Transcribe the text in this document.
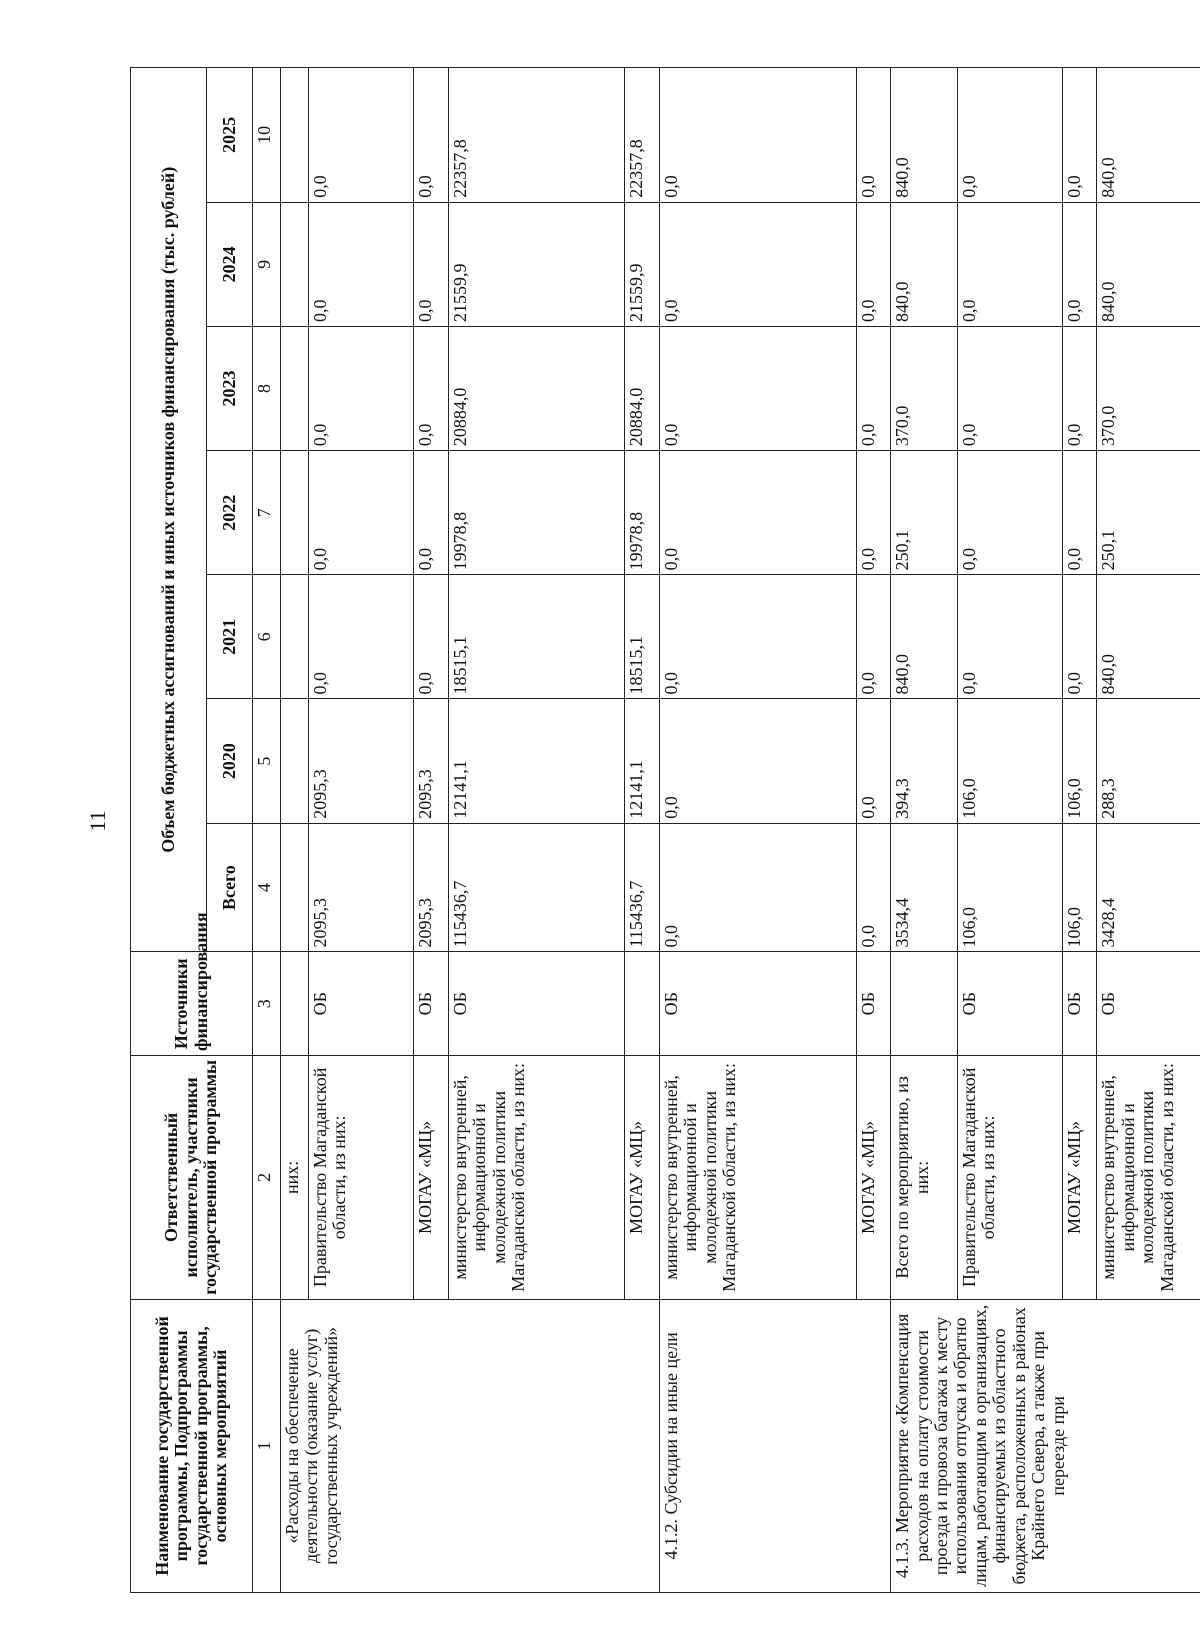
11
Наименование государственной программы, Подпрограммы государственной программы, основных мероприятий	Ответственный исполнитель, участники государственной программы	Источники финансирования	Объем бюджетных ассигнований и иных источников финансирования (тыс. рублей)						
			Всего	2020	2021	2022	2023	2024	2025
1	2	3	4	5	6	7	8	9	10
«Расходы на обеспечение деятельности (оказание услуг) государственных учреждений»	них:								
	Правительство Магаданской области, из них:	ОБ	2095,3	2095,3	0,0	0,0	0,0	0,0	0,0
	МОГАУ «МЦ»	ОБ	2095,3	2095,3	0,0	0,0	0,0	0,0	0,0
	министерство внутренней, информационной и молодежной политики Магаданской области, из них:	ОБ	115436,7	12141,1	18515,1	19978,8	20884,0	21559,9	22357,8
	МОГАУ «МЦ»		115436,7	12141,1	18515,1	19978,8	20884,0	21559,9	22357,8
4.1.2. Субсидии на иные цели	министерство внутренней, информационной и молодежной политики Магаданской области, из них:	ОБ	0,0	0,0	0,0	0,0	0,0	0,0	0,0
	МОГАУ «МЦ»	ОБ	0,0	0,0	0,0	0,0	0,0	0,0	0,0
4.1.3. Мероприятие «Компенсация расходов на оплату стоимости проезда и провоза багажа к месту использования отпуска и обратно лицам, работающим в организациях, финансируемых из областного бюджета, расположенных в районах Крайнего Севера, а также при переезде при	Всего по мероприятию, из них:		3534,4	394,3	840,0	250,1	370,0	840,0	840,0
	Правительство Магаданской области, из них:	ОБ	106,0	106,0	0,0	0,0	0,0	0,0	0,0
	МОГАУ «МЦ»	ОБ	106,0	106,0	0,0	0,0	0,0	0,0	0,0
	министерство внутренней, информационной и молодежной политики Магаданской области, из них:	ОБ	3428,4	288,3	840,0	250,1	370,0	840,0	840,0
